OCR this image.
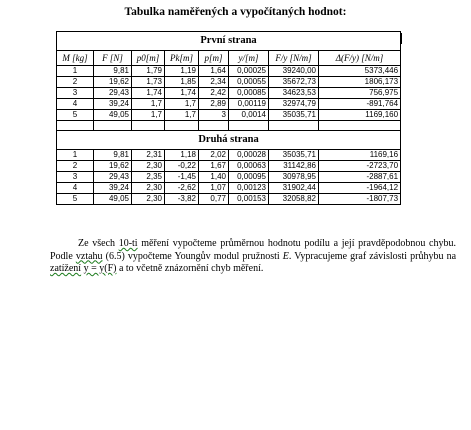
Tabulka naměřených a vypočítaných hodnot:
První strana							
M [kg]	F [N]	p0[m]	Pk[m]	p[m]	y/[m]	F/y [N/m]	Δ(F/y) [N/m]
1	9,81	1,79	1,19	1,64	0,00025	39240,00	5373,446
2	19,62	1,73	1,85	2,34	0,00055	35672,73	1806,173
3	29,43	1,74	1,74	2,42	0,00085	34623,53	756,975
4	39,24	1,7	1,7	2,89	0,00119	32974,79	-891,764
5	49,05	1,7	1,7	3	0,0014	35035,71	1169,160

Druhá strana							
1	9,81	2,31	1,18	2,02	0,00028	35035,71	1169,16
2	19,62	2,30	-0,22	1,67	0,00063	31142,86	-2723,70
3	29,43	2,35	-1,45	1,40	0,00095	30978,95	-2887,61
4	39,24	2,30	-2,62	1,07	0,00123	31902,44	-1964,12
5	49,05	2,30	-3,82	0,77	0,00153	32058,82	-1807,73
Ze všech 10-ti měření vypočteme průměrnou hodnotu podílu a její pravděpodobnou chybu. Podle vztahu (6.5) vypočteme Youngův modul pružnosti E. Vypracujeme graf závislosti průhybu na zatížení y = y(F) a to včetně znázornění chyb měření.
